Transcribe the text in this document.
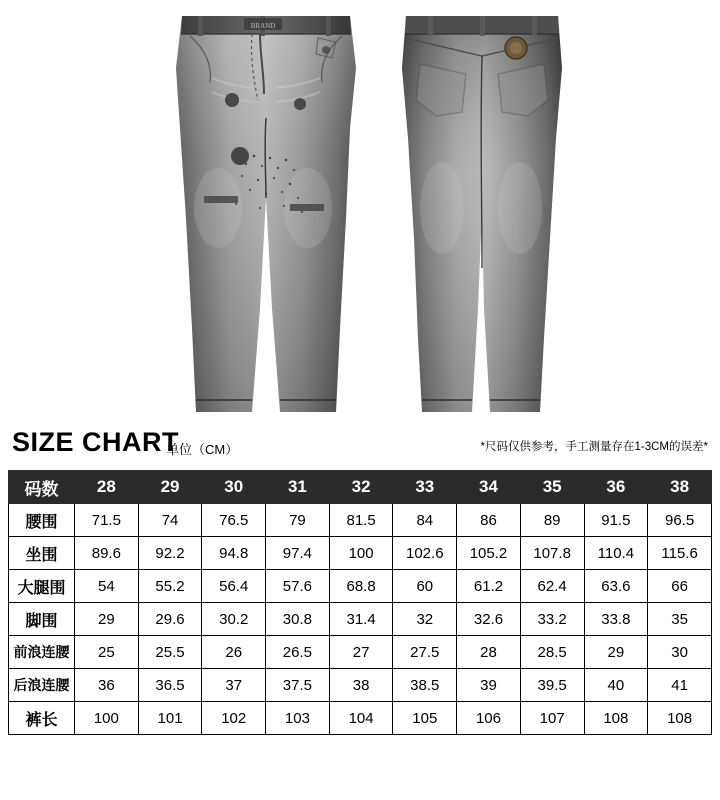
BRAND
SIZE CHART
单位（CM）	*尺码仅供参考，手工测量存在1-3CM的误差*
码数	28	29	30	31	32	33	34	35	36	38
腰围	71.5	74	76.5	79	81.5	84	86	89	91.5	96.5
坐围	89.6	92.2	94.8	97.4	100	102.6	105.2	107.8	110.4	115.6
大腿围	54	55.2	56.4	57.6	68.8	60	61.2	62.4	63.6	66
脚围	29	29.6	30.2	30.8	31.4	32	32.6	33.2	33.8	35
前浪连腰	25	25.5	26	26.5	27	27.5	28	28.5	29	30
后浪连腰	36	36.5	37	37.5	38	38.5	39	39.5	40	41
裤长	100	101	102	103	104	105	106	107	108	108
